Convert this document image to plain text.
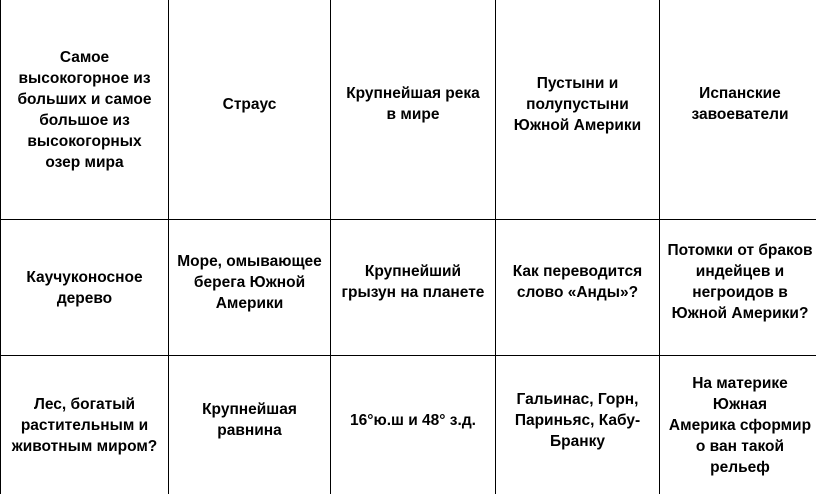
Самое
высокогорное из
больших и самое
большое из
высокогорных
озер мира
Страус
Крупнейшая река
в мире
Пустыни и
полупустыни
Южной Америки
Испанские
завоеватели
Каучуконосное
дерево
Море, омывающее
берега Южной
Америки
Крупнейший
грызун на планете
Как переводится
слово «Анды»?
Потомки от браков
индейцев и
негроидов в
Южной Америки?
Лес, богатый
растительным и
животным миром?
Крупнейшая
равнина
16°ю.ш и 48° з.д.
Гальинас, Горн,
Париньяс, Кабу-
Бранку
На материке
Южная
Америка сформир
о ван такой
рельеф
